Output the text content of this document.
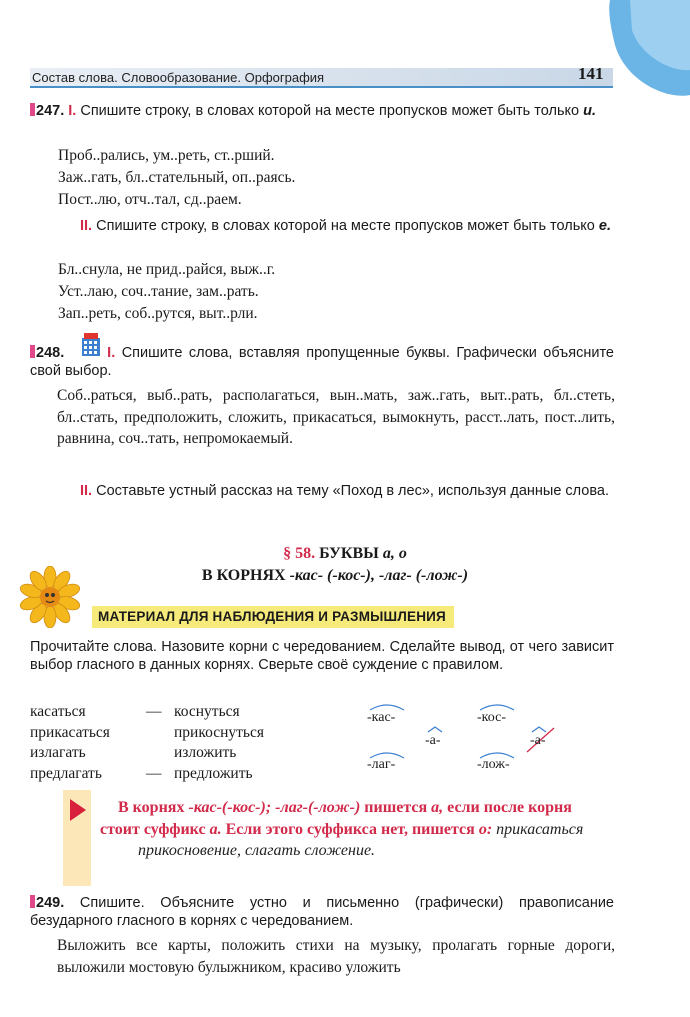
Состав слова. Словообразование. Орфография	141
247. I. Спишите строку, в словах которой на месте пропусков может быть только и.
Проб..рались, ум..реть, ст..рший.
Заж..гать, бл..стательный, оп..раясь.
Пост..лю, отч..тал, сд..раем.
II. Спишите строку, в словах которой на месте пропусков может быть только е.
Бл..снула, не прид..райся, выж..г.
Уст..лаю, соч..тание, зам..рать.
Зап..реть, соб..рутся, выт..рли.
248.	I. Спишите слова, вставляя пропущенные буквы. Графически объясните свой выбор.
Соб..раться, выб..рать, располагаться, вын..мать, заж..гать, выт..рать, бл..стеть, бл..стать, предположить, сложить, прикасаться, вымокнуть, расст..лать, пост..лить, равнина, соч..тать, непромокаемый.
II. Составьте устный рассказ на тему «Поход в лес», используя данные слова.
§ 58. БУКВЫ а, о
В КОРНЯХ -кас- (-кос-), -лаг- (-лож-)
МАТЕРИАЛ ДЛЯ НАБЛЮДЕНИЯ И РАЗМЫШЛЕНИЯ
Прочитайте слова. Назовите корни с чередованием. Сделайте вывод, от чего зависит выбор гласного в данных корнях. Сверьте своё суждение с правилом.
касаться	—	коснуться
прикасаться		прикоснуться
излагать		изложить
предлагать	—	предложить
-кас-	-кос-
-а-	-а-
-лаг-	-лож-
В корнях -кас-(-кос-); -лаг-(-лож-) пишется а, если после корня стоит суффикс а. Если этого суффикса нет, пишется о: прикасаться  прикосновение, слагать сложение.
249. Спишите. Объясните устно и письменно (графически) правописание безударного гласного в корнях с чередованием.
Выложить все карты, положить стихи на музыку, пролагать горные дороги, выложили мостовую булыжником, красиво уложить
